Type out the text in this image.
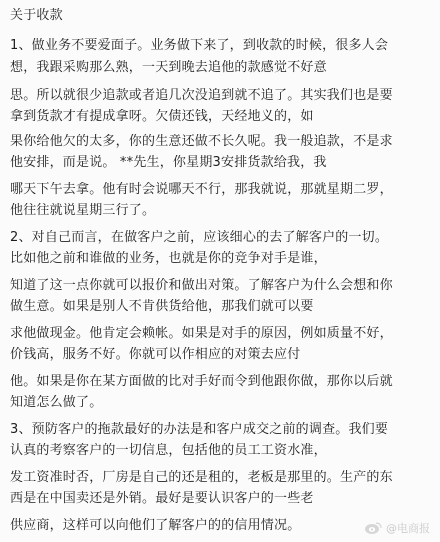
关于收款
1、做业务不要爱面子。业务做下来了，到收款的时候，很多人会
想，我跟采购那么熟，一天到晚去追他的款感觉不好意
思。所以就很少追款或者追几次没追到就不追了。其实我们也是要
拿到货款才有提成拿呀。欠债还钱，天经地义的，如
果你给他欠的太多，你的生意还做不长久呢。我一般追款，不是求
他安排，而是说。 **先生，你星期3安排货款给我，我
哪天下午去拿。他有时会说哪天不行，那我就说，那就星期二罗，
他往往就说星期三行了。
2、对自己而言，在做客户之前，应该细心的去了解客户的一切。
比如他之前和谁做的业务，也就是你的竞争对手是谁，
知道了这一点你就可以报价和做出对策。了解客户为什么会想和你
做生意。如果是别人不肯供货给他，那我们就可以要
求他做现金。他肯定会赖帐。如果是对手的原因，例如质量不好，
价钱高，服务不好。你就可以作相应的对策去应付
他。如果是你在某方面做的比对手好而令到他跟你做，那你以后就
知道怎么做了。
3、预防客户的拖款最好的办法是和客户成交之前的调查。我们要
认真的考察客户的一切信息，包括他的员工工资水准，
发工资准时否，厂房是自己的还是租的，老板是那里的。生产的东
西是在中国卖还是外销。最好是要认识客户的一些老
供应商，这样可以向他们了解客户的的信用情况。	@电商报
